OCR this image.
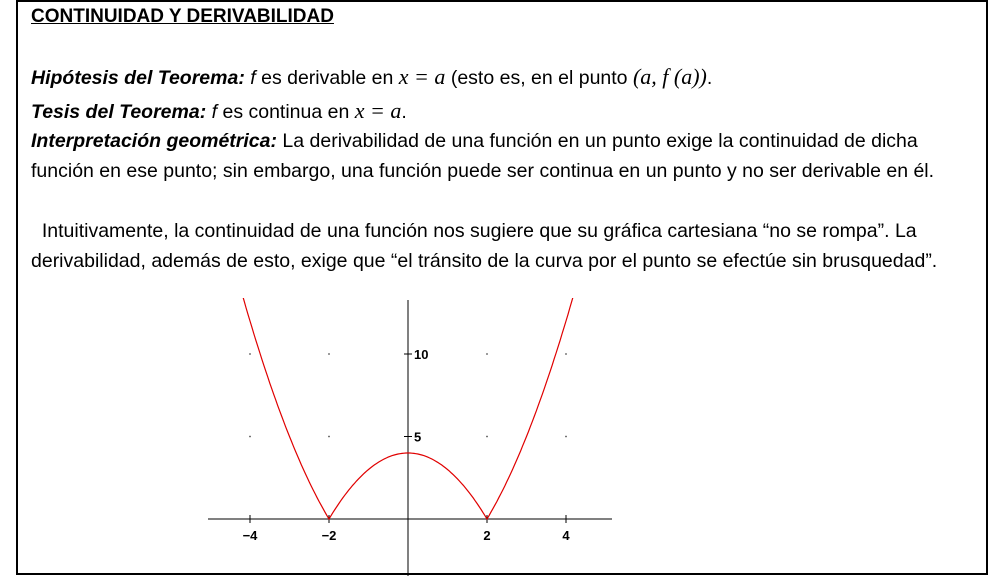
CONTINUIDAD Y DERIVABILIDAD
Hipótesis del Teorema: f es derivable en x = a (esto es, en el punto (a, f (a)).
Tesis del Teorema: f es continua en x = a.
Interpretación geométrica: La derivabilidad de una función en un punto exige la continuidad de dicha función en ese punto; sin embargo, una función puede ser continua en un punto y no ser derivable en él.
Intuitivamente, la continuidad de una función nos sugiere que su gráfica cartesiana “no se rompa”. La derivabilidad, además de esto, exige que “el tránsito de la curva por el punto se efectúe sin brusquedad”.
−4	−2	2	4
5
10
